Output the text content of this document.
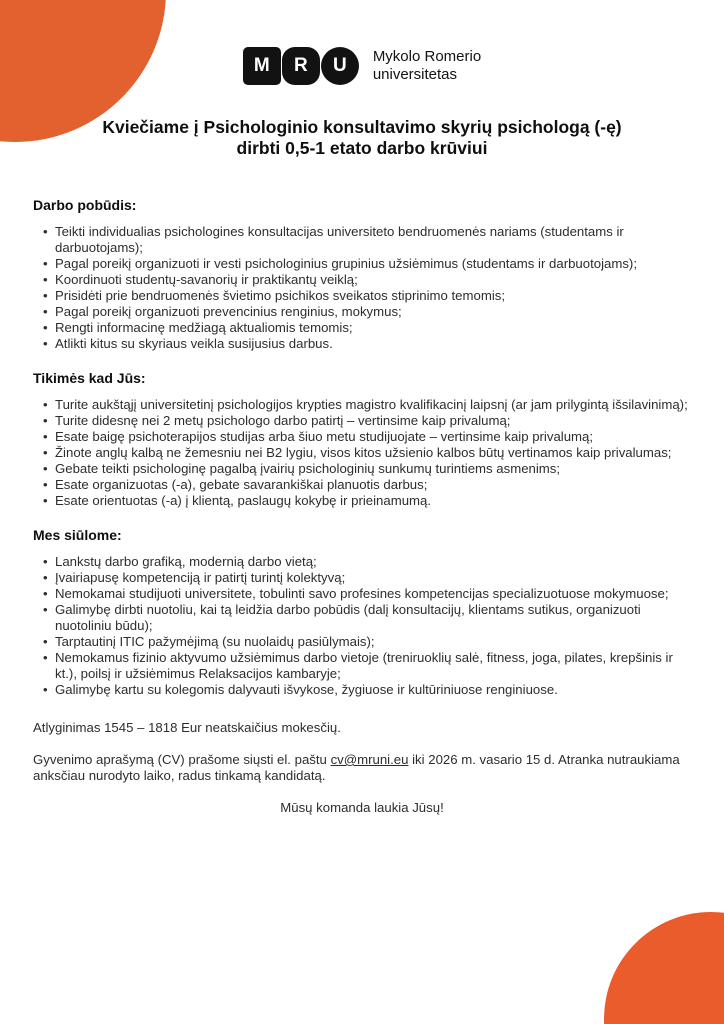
M	R	U	Mykolo Romerio
universitetas
Kviečiame į Psichologinio konsultavimo skyrių psichologą (-ę)
dirbti 0,5-1 etato darbo krūviui
Darbo pobūdis:
• Teikti individualias psichologines konsultacijas universiteto bendruomenės nariams (studentams ir darbuotojams);
• Pagal poreikį organizuoti ir vesti psichologinius grupinius užsiėmimus (studentams ir darbuotojams);
• Koordinuoti studentų-savanorių ir praktikantų veiklą;
• Prisidėti prie bendruomenės švietimo psichikos sveikatos stiprinimo temomis;
• Pagal poreikį organizuoti prevencinius renginius, mokymus;
• Rengti informacinę medžiagą aktualiomis temomis;
• Atlikti kitus su skyriaus veikla susijusius darbus.
Tikimės kad Jūs:
• Turite aukštąjį universitetinį psichologijos krypties magistro kvalifikacinį laipsnį (ar jam prilygintą išsilavinimą);
• Turite didesnę nei 2 metų psichologo darbo patirtį – vertinsime kaip privalumą;
• Esate baigę psichoterapijos studijas arba šiuo metu studijuojate – vertinsime kaip privalumą;
• Žinote anglų kalbą ne žemesniu nei B2 lygiu, visos kitos užsienio kalbos būtų vertinamos kaip privalumas;
• Gebate teikti psichologinę pagalbą įvairių psichologinių sunkumų turintiems asmenims;
• Esate organizuotas (-a), gebate savarankiškai planuotis darbus;
• Esate orientuotas (-a) į klientą, paslaugų kokybę ir prieinamumą.
Mes siūlome:
• Lankstų darbo grafiką, modernią darbo vietą;
• Įvairiapusę kompetenciją ir patirtį turintį kolektyvą;
• Nemokamai studijuoti universitete, tobulinti savo profesines kompetencijas specializuotuose mokymuose;
• Galimybę dirbti nuotoliu, kai tą leidžia darbo pobūdis (dalį konsultacijų, klientams sutikus, organizuoti nuotoliniu būdu);
• Tarptautinį ITIC pažymėjimą (su nuolaidų pasiūlymais);
• Nemokamus fizinio aktyvumo užsiėmimus darbo vietoje (treniruoklių salė, fitness, joga, pilates, krepšinis ir kt.), poilsį ir užsiėmimus Relaksacijos kambaryje;
• Galimybę kartu su kolegomis dalyvauti išvykose, žygiuose ir kultūriniuose renginiuose.

Atlyginimas 1545 – 1818 Eur neatskaičius mokesčių.

Gyvenimo aprašymą (CV) prašome siųsti el. paštu cv@mruni.eu iki 2026 m. vasario 15 d. Atranka nutraukiama anksčiau nurodyto laiko, radus tinkamą kandidatą.

Mūsų komanda laukia Jūsų!
